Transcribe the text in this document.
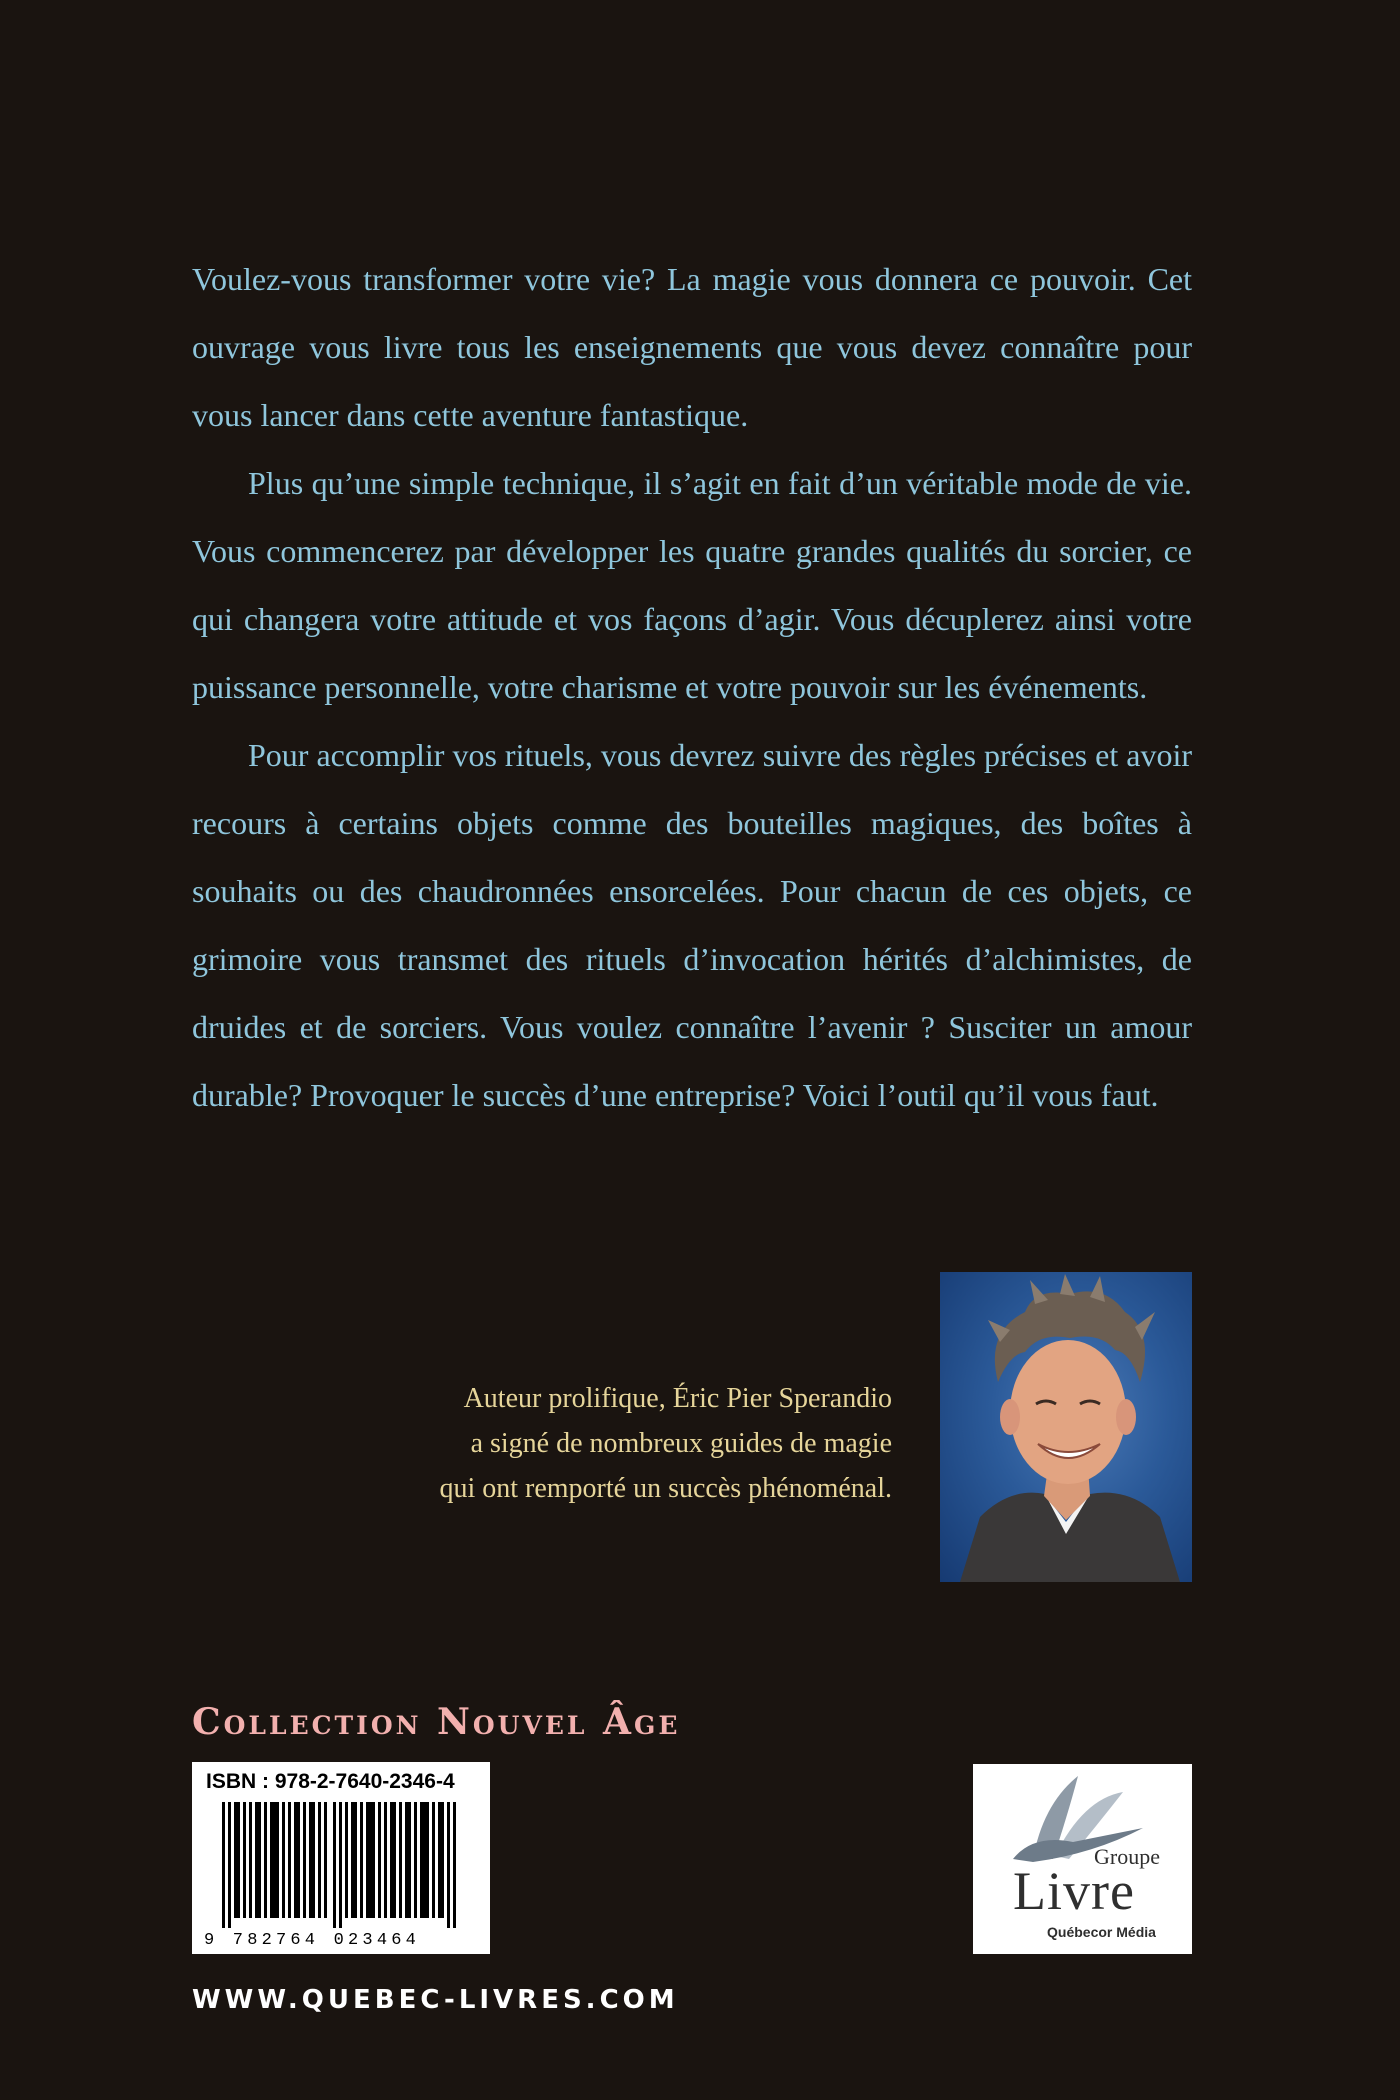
Voulez-vous transformer votre vie? La magie vous donnera ce pouvoir. Cet ouvrage vous livre tous les enseignements que vous devez connaître pour vous lancer dans cette aventure fantastique.

Plus qu’une simple technique, il s’agit en fait d’un véritable mode de vie. Vous commencerez par développer les quatre grandes qualités du sorcier, ce qui changera votre attitude et vos façons d’agir. Vous décuplerez ainsi votre puissance personnelle, votre charisme et votre pouvoir sur les événements.

Pour accomplir vos rituels, vous devrez suivre des règles précises et avoir recours à certains objets comme des bouteilles magiques, des boîtes à souhaits ou des chaudronnées ensorcelées. Pour chacun de ces objets, ce grimoire vous transmet des rituels d’invocation hérités d’alchimistes, de druides et de sorciers. Vous voulez connaître l’avenir ? Susciter un amour durable? Provoquer le succès d’une entreprise? Voici l’outil qu’il vous faut.

Auteur prolifique, Éric Pier Sperandio
a signé de nombreux guides de magie
qui ont remporté un succès phénoménal.
Collection Nouvel Âge
ISBN : 978-2-7640-2346-4
9 782764 023464
Groupe
Livre
Québecor Média
WWW.QUEBEC-LIVRES.COM
